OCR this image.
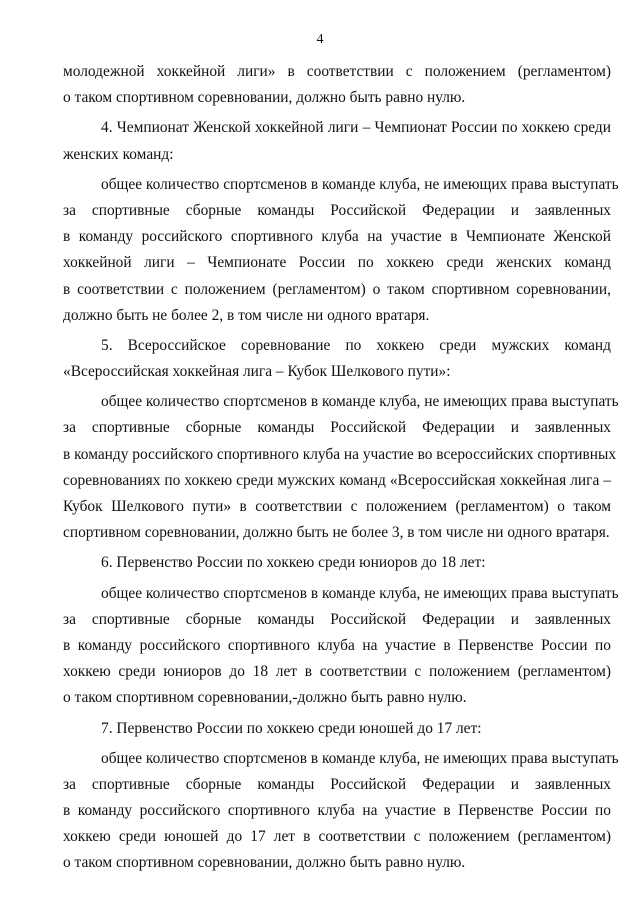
4
молодежной хоккейной лиги» в соответствии с положением (регламентом)
о таком спортивном соревновании, должно быть равно нулю.
4. Чемпионат Женской хоккейной лиги – Чемпионат России по хоккею среди
женских команд:
общее количество спортсменов в команде клуба, не имеющих права выступать
за спортивные сборные команды Российской Федерации и заявленных
в команду российского спортивного клуба на участие в Чемпионате Женской
хоккейной лиги – Чемпионате России по хоккею среди женских команд
в соответствии с положением (регламентом) о таком спортивном соревновании,
должно быть не более 2, в том числе ни одного вратаря.
5. Всероссийское соревнование по хоккею среди мужских команд
«Всероссийская хоккейная лига – Кубок Шелкового пути»:
общее количество спортсменов в команде клуба, не имеющих права выступать
за спортивные сборные команды Российской Федерации и заявленных
в команду российского спортивного клуба на участие во всероссийских спортивных
соревнованиях по хоккею среди мужских команд «Всероссийская хоккейная лига –
Кубок Шелкового пути» в соответствии с положением (регламентом) о таком
спортивном соревновании, должно быть не более 3, в том числе ни одного вратаря.
6. Первенство России по хоккею среди юниоров до 18 лет:
общее количество спортсменов в команде клуба, не имеющих права выступать
за спортивные сборные команды Российской Федерации и заявленных
в команду российского спортивного клуба на участие в Первенстве России по
хоккею среди юниоров до 18 лет в соответствии с положением (регламентом)
о таком спортивном соревновании,-должно быть равно нулю.
7. Первенство России по хоккею среди юношей до 17 лет:
общее количество спортсменов в команде клуба, не имеющих права выступать
за спортивные сборные команды Российской Федерации и заявленных
в команду российского спортивного клуба на участие в Первенстве России по
хоккею среди юношей до 17 лет в соответствии с положением (регламентом)
о таком спортивном соревновании, должно быть равно нулю.
